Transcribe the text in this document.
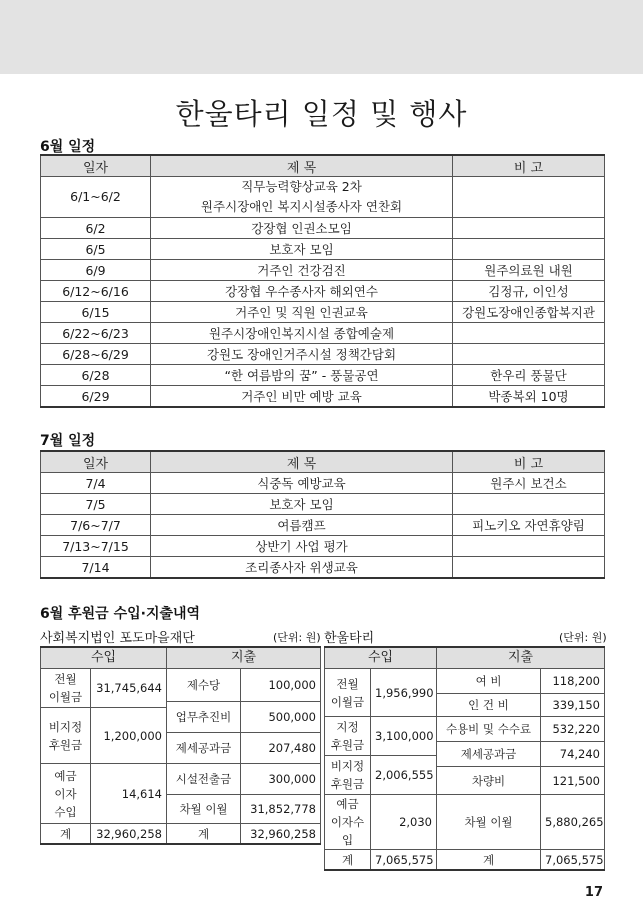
한울타리 일정 및 행사
6월 일정
일자	제 목	비 고
6/1~6/2	직무능력향상교육 2차
원주시장애인 복지시설종사자 연찬회	

6/2	강장협 인권소모임	
6/5	보호자 모임	
6/9	거주인 건강검진	원주의료원 내원
6/12~6/16	강장협 우수종사자 해외연수	김정규, 이인성
6/15	거주인 및 직원 인권교육	강원도장애인종합복지관
6/22~6/23	원주시장애인복지시설 종합예술제	
6/28~6/29	강원도 장애인거주시설 정책간담회	
6/28	“한 여름밤의 꿈” - 풍물공연	한우리 풍물단
6/29	거주인 비만 예방 교육	박종복외 10명
7월 일정
일자	제 목	비 고
7/4	식중독 예방교육	원주시 보건소
7/5	보호자 모임	
7/6~7/7	여름캠프	피노키오 자연휴양림
7/13~7/15	상반기 사업 평가	
7/14	조리종사자 위생교육	
6월 후원금 수입·지출내역
사회복지법인 포도마을재단	(단위: 원) 한울타리	(단위: 원)
수입		지출	

전월
이월금	31,745,644	제수당	100,000
		업무추진비	500,000

비지정
후원금	1,200,000		
		제세공과금	207,480

예금
이자
수입	14,614	시설전출금	300,000
		차월 이월	31,852,778
계	32,960,258	계	32,960,258
수입		지출	

전월
이월금	1,956,990	여 비	118,200
		인 건 비	339,150

지정
후원금	3,100,000	수용비 및 수수료	532,220
		제세공과금	74,240

비지정
후원금	2,006,555		
		차량비	121,500

예금
이자수입	2,030		
		차월 이월	5,880,265
계	7,065,575	계	7,065,575
17
